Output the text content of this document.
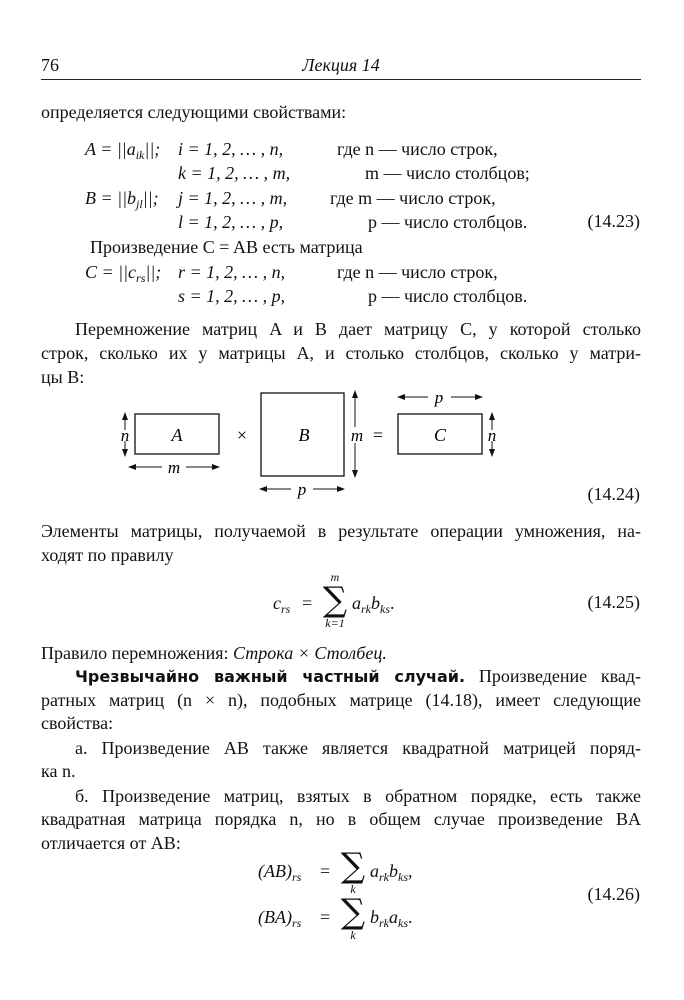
76	Лекция 14
определяется следующими свойствами:
$A = ||a_{ik}||$; i = 1, 2, … , n,	где n — число строк,
k = 1, 2, … , m,	m — число столбцов;
$B = ||b_{jl}||$; j = 1, 2, … , m, где m — число строк,
l = 1, 2, … , p,	p — число столбцов.	(14.23)
Произведение C = AB есть матрица
$C = ||c_{rs}||$; r = 1, 2, … , n,	где n — число строк,
s = 1, 2, … , p,	p — число столбцов.
Перемножение матриц A и B дает матрицу C, у которой столько
строк, сколько их у матрицы A, и столько столбцов, сколько у матри-
цы B:
A
n
m
×	B m
p
=	C
p
n
(14.24)
Элементы матрицы, получаемой в результате операции умножения, на-
ходят по правилу
$c_{rs}$ =
m
∑
k=1
$a_{rk}b_{ks}$.	(14.25)
Правило перемножения: Строка × Столбец.
Чрезвычайно важный частный случай. Произведение квад-
ратных матриц (n × n), подобных матрице (14.18), имеет следующие
свойства:
а. Произведение AB также является квадратной матрицей поряд-
ка n.
б. Произведение матриц, взятых в обратном порядке, есть также
квадратная матрица порядка n, но в общем случае произведение BA
отличается от AB:
$(AB)_{rs}$ = ∑
k
$a_{rk}b_{ks}$,
$(BA)_{rs}$ = ∑
k
$b_{rk}a_{ks}$.
(14.26)
